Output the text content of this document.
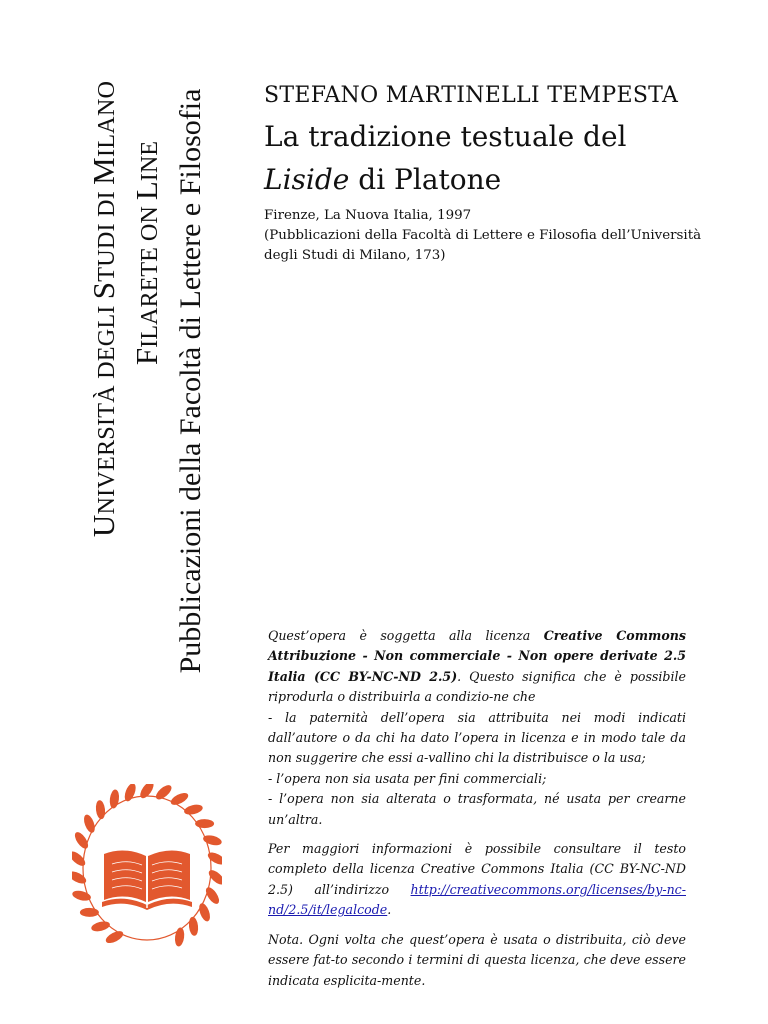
UNIVERSITÀ DEGLI STUDI DI MILANO
FILARETE ON LINE Pubblicazioni della Facoltà di Lettere e Filosofia	STEFANO MARTINELLI TEMPESTA
La tradizione testuale del
Liside di Platone
Firenze, La Nuova Italia, 1997
(Pubblicazioni della Facoltà di Lettere e Filosofia dell’Università
degli Studi di Milano, 173)

Quest’opera è soggetta alla licenza Creative Commons Attribuzione - Non commerciale - Non opere derivate 2.5 Italia (CC BY-NC-ND 2.5). Questo significa che è possibile riprodurla o distribuirla a condizio-ne che

- la paternità dell’opera sia attribuita nei modi indicati dall’autore o da chi ha dato l’opera in licenza e in modo tale da non suggerire che essi a-vallino chi la distribuisce o la usa;

- l’opera non sia usata per fini commerciali;

- l’opera non sia alterata o trasformata, né usata per crearne un’altra.

Per maggiori informazioni è possibile consultare il testo completo della licenza Creative Commons Italia (CC BY-NC-ND 2.5) all’indirizzo http://creativecommons.org/licenses/by-nc-nd/2.5/it/legalcode.

Nota. Ogni volta che quest’opera è usata o distribuita, ciò deve essere fat-to secondo i termini di questa licenza, che deve essere indicata esplicita-mente.
